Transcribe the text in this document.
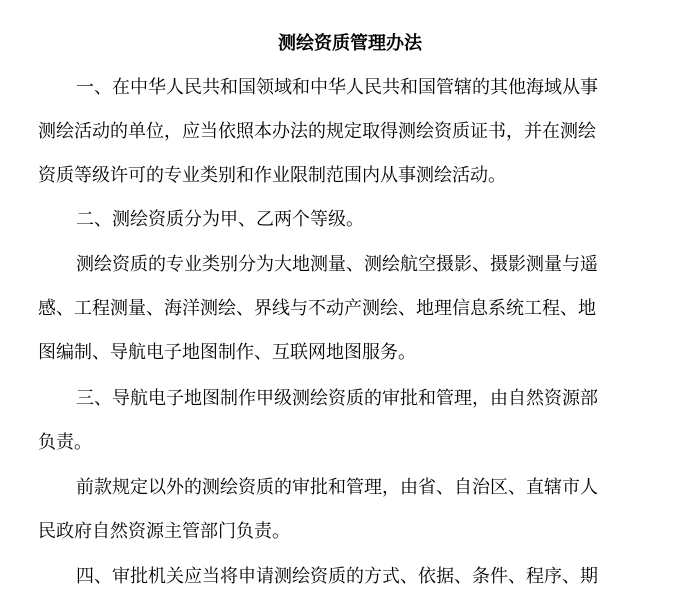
测绘资质管理办法
一、在中华人民共和国领域和中华人民共和国管辖的其他海域从事
测绘活动的单位，应当依照本办法的规定取得测绘资质证书，并在测绘
资质等级许可的专业类别和作业限制范围内从事测绘活动。
二、测绘资质分为甲、乙两个等级。
测绘资质的专业类别分为大地测量、测绘航空摄影、摄影测量与遥
感、工程测量、海洋测绘、界线与不动产测绘、地理信息系统工程、地
图编制、导航电子地图制作、互联网地图服务。
三、导航电子地图制作甲级测绘资质的审批和管理，由自然资源部
负责。
前款规定以外的测绘资质的审批和管理，由省、自治区、直辖市人
民政府自然资源主管部门负责。
四、审批机关应当将申请测绘资质的方式、依据、条件、程序、期
